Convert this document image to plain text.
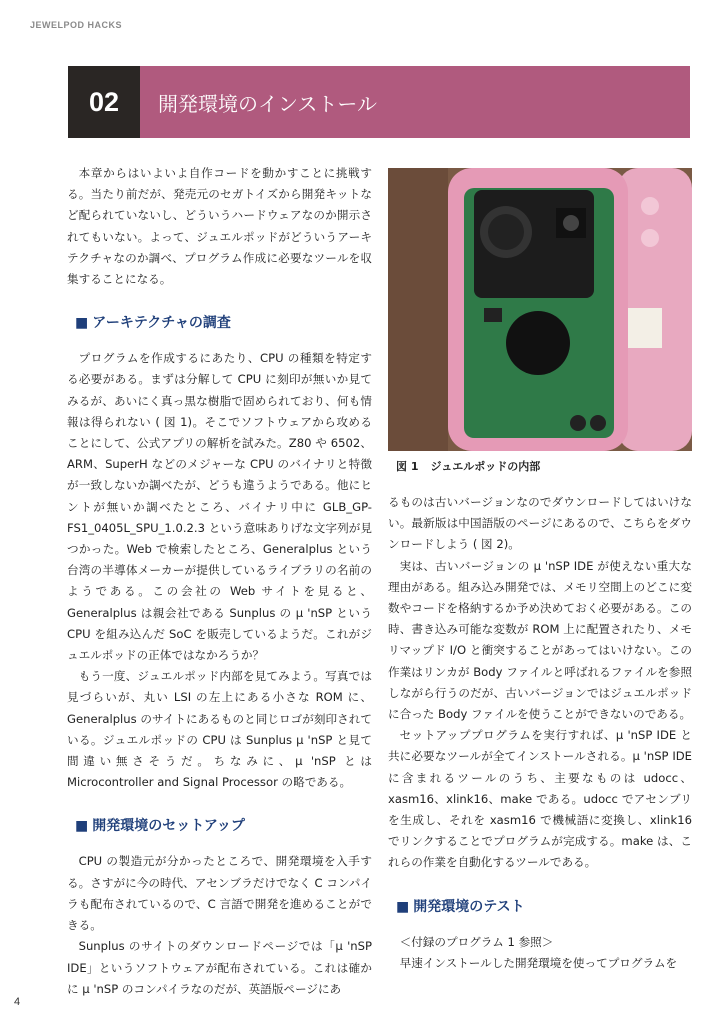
JEWELPOD HACKS
02	開発環境のインストール

本章からはいよいよ自作コードを動かすことに挑戦する。当たり前だが、発売元のセガトイズから開発キットなど配られていないし、どういうハードウェアなのか開示されてもいない。よって、ジュエルポッドがどういうアーキテクチャなのか調べ、プログラム作成に必要なツールを収集することになる。

■ アーキテクチャの調査

プログラムを作成するにあたり、CPU の種類を特定する必要がある。まずは分解して CPU に刻印が無いか見てみるが、あいにく真っ黒な樹脂で固められており、何も情報は得られない ( 図 1)。そこでソフトウェアから攻めることにして、公式アプリの解析を試みた。Z80 や 6502、ARM、SuperH などのメジャーな CPU のバイナリと特徴が一致しないか調べたが、どうも違うようである。他にヒントが無いか調べたところ、バイナリ中に GLB_GP-FS1_0405L_SPU_1.0.2.3 という意味ありげな文字列が見つかった。Web で検索したところ、Generalplus という台湾の半導体メーカーが提供しているライブラリの名前のようである。この会社の Web サイトを見ると、Generalplus は親会社である Sunplus の μ 'nSP という CPU を組み込んだ SoC を販売しているようだ。これがジュエルポッドの正体ではなかろうか？

もう一度、ジュエルポッド内部を見てみよう。写真では見づらいが、丸い LSI の左上にある小さな ROM に、Generalplus のサイトにあるものと同じロゴが刻印されている。ジュエルポッドの CPU は Sunplus μ 'nSP と見て間違い無さそうだ。ちなみに、μ 'nSP とは Microcontroller and Signal Processor の略である。

■ 開発環境のセットアップ

CPU の製造元が分かったところで、開発環境を入手する。さすがに今の時代、アセンブラだけでなく C コンパイラも配布されているので、C 言語で開発を進めることができる。

Sunplus のサイトのダウンロードページでは「μ 'nSP IDE」というソフトウェアが配布されている。これは確かに μ 'nSP のコンパイラなのだが、英語版ページにあ

図 1 ジュエルポッドの内部

るものは古いバージョンなのでダウンロードしてはいけない。最新版は中国語版のページにあるので、こちらをダウンロードしよう ( 図 2)。

実は、古いバージョンの μ 'nSP IDE が使えない重大な理由がある。組み込み開発では、メモリ空間上のどこに変数やコードを格納するか予め決めておく必要がある。この時、書き込み可能な変数が ROM 上に配置されたり、メモリマップド I/O と衝突することがあってはいけない。この作業はリンカが Body ファイルと呼ばれるファイルを参照しながら行うのだが、古いバージョンではジュエルポッドに合った Body ファイルを使うことができないのである。

セットアッププログラムを実行すれば、μ 'nSP IDE と共に必要なツールが全てインストールされる。μ 'nSP IDE に含まれるツールのうち、主要なものは udocc、xasm16、xlink16、make である。udocc でアセンブリを生成し、それを xasm16 で機械語に変換し、xlink16 でリンクすることでプログラムが完成する。make は、これらの作業を自動化するツールである。

■ 開発環境のテスト

＜付録のプログラム 1 参照＞

早速インストールした開発環境を使ってプログラムを

4
